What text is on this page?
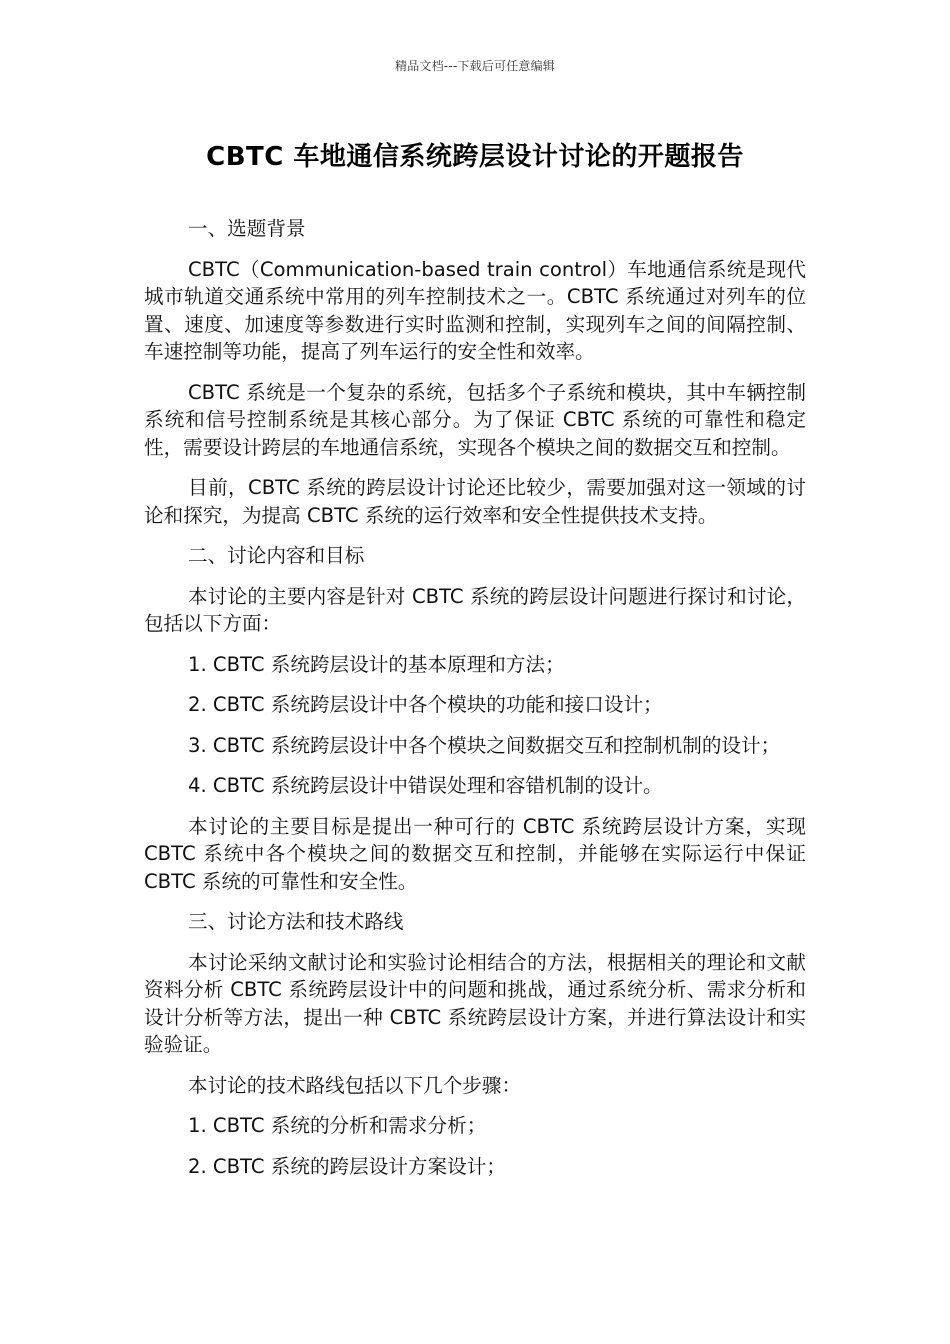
精品文档---下载后可任意编辑
CBTC 车地通信系统跨层设计讨论的开题报告

一、选题背景

CBTC（Communication-based train control）车地通信系统是现代城市轨道交通系统中常用的列车控制技术之一。CBTC 系统通过对列车的位置、速度、加速度等参数进行实时监测和控制，实现列车之间的间隔控制、车速控制等功能，提高了列车运行的安全性和效率。

CBTC 系统是一个复杂的系统，包括多个子系统和模块，其中车辆控制系统和信号控制系统是其核心部分。为了保证 CBTC 系统的可靠性和稳定性，需要设计跨层的车地通信系统，实现各个模块之间的数据交互和控制。

目前，CBTC 系统的跨层设计讨论还比较少，需要加强对这一领域的讨论和探究，为提高 CBTC 系统的运行效率和安全性提供技术支持。

二、讨论内容和目标

本讨论的主要内容是针对 CBTC 系统的跨层设计问题进行探讨和讨论，包括以下方面：

1. CBTC 系统跨层设计的基本原理和方法；

2. CBTC 系统跨层设计中各个模块的功能和接口设计；

3. CBTC 系统跨层设计中各个模块之间数据交互和控制机制的设计；

4. CBTC 系统跨层设计中错误处理和容错机制的设计。

本讨论的主要目标是提出一种可行的 CBTC 系统跨层设计方案，实现 CBTC 系统中各个模块之间的数据交互和控制，并能够在实际运行中保证 CBTC 系统的可靠性和安全性。

三、讨论方法和技术路线

本讨论采纳文献讨论和实验讨论相结合的方法，根据相关的理论和文献资料分析 CBTC 系统跨层设计中的问题和挑战，通过系统分析、需求分析和设计分析等方法，提出一种 CBTC 系统跨层设计方案，并进行算法设计和实验验证。

本讨论的技术路线包括以下几个步骤：

1. CBTC 系统的分析和需求分析；

2. CBTC 系统的跨层设计方案设计；
